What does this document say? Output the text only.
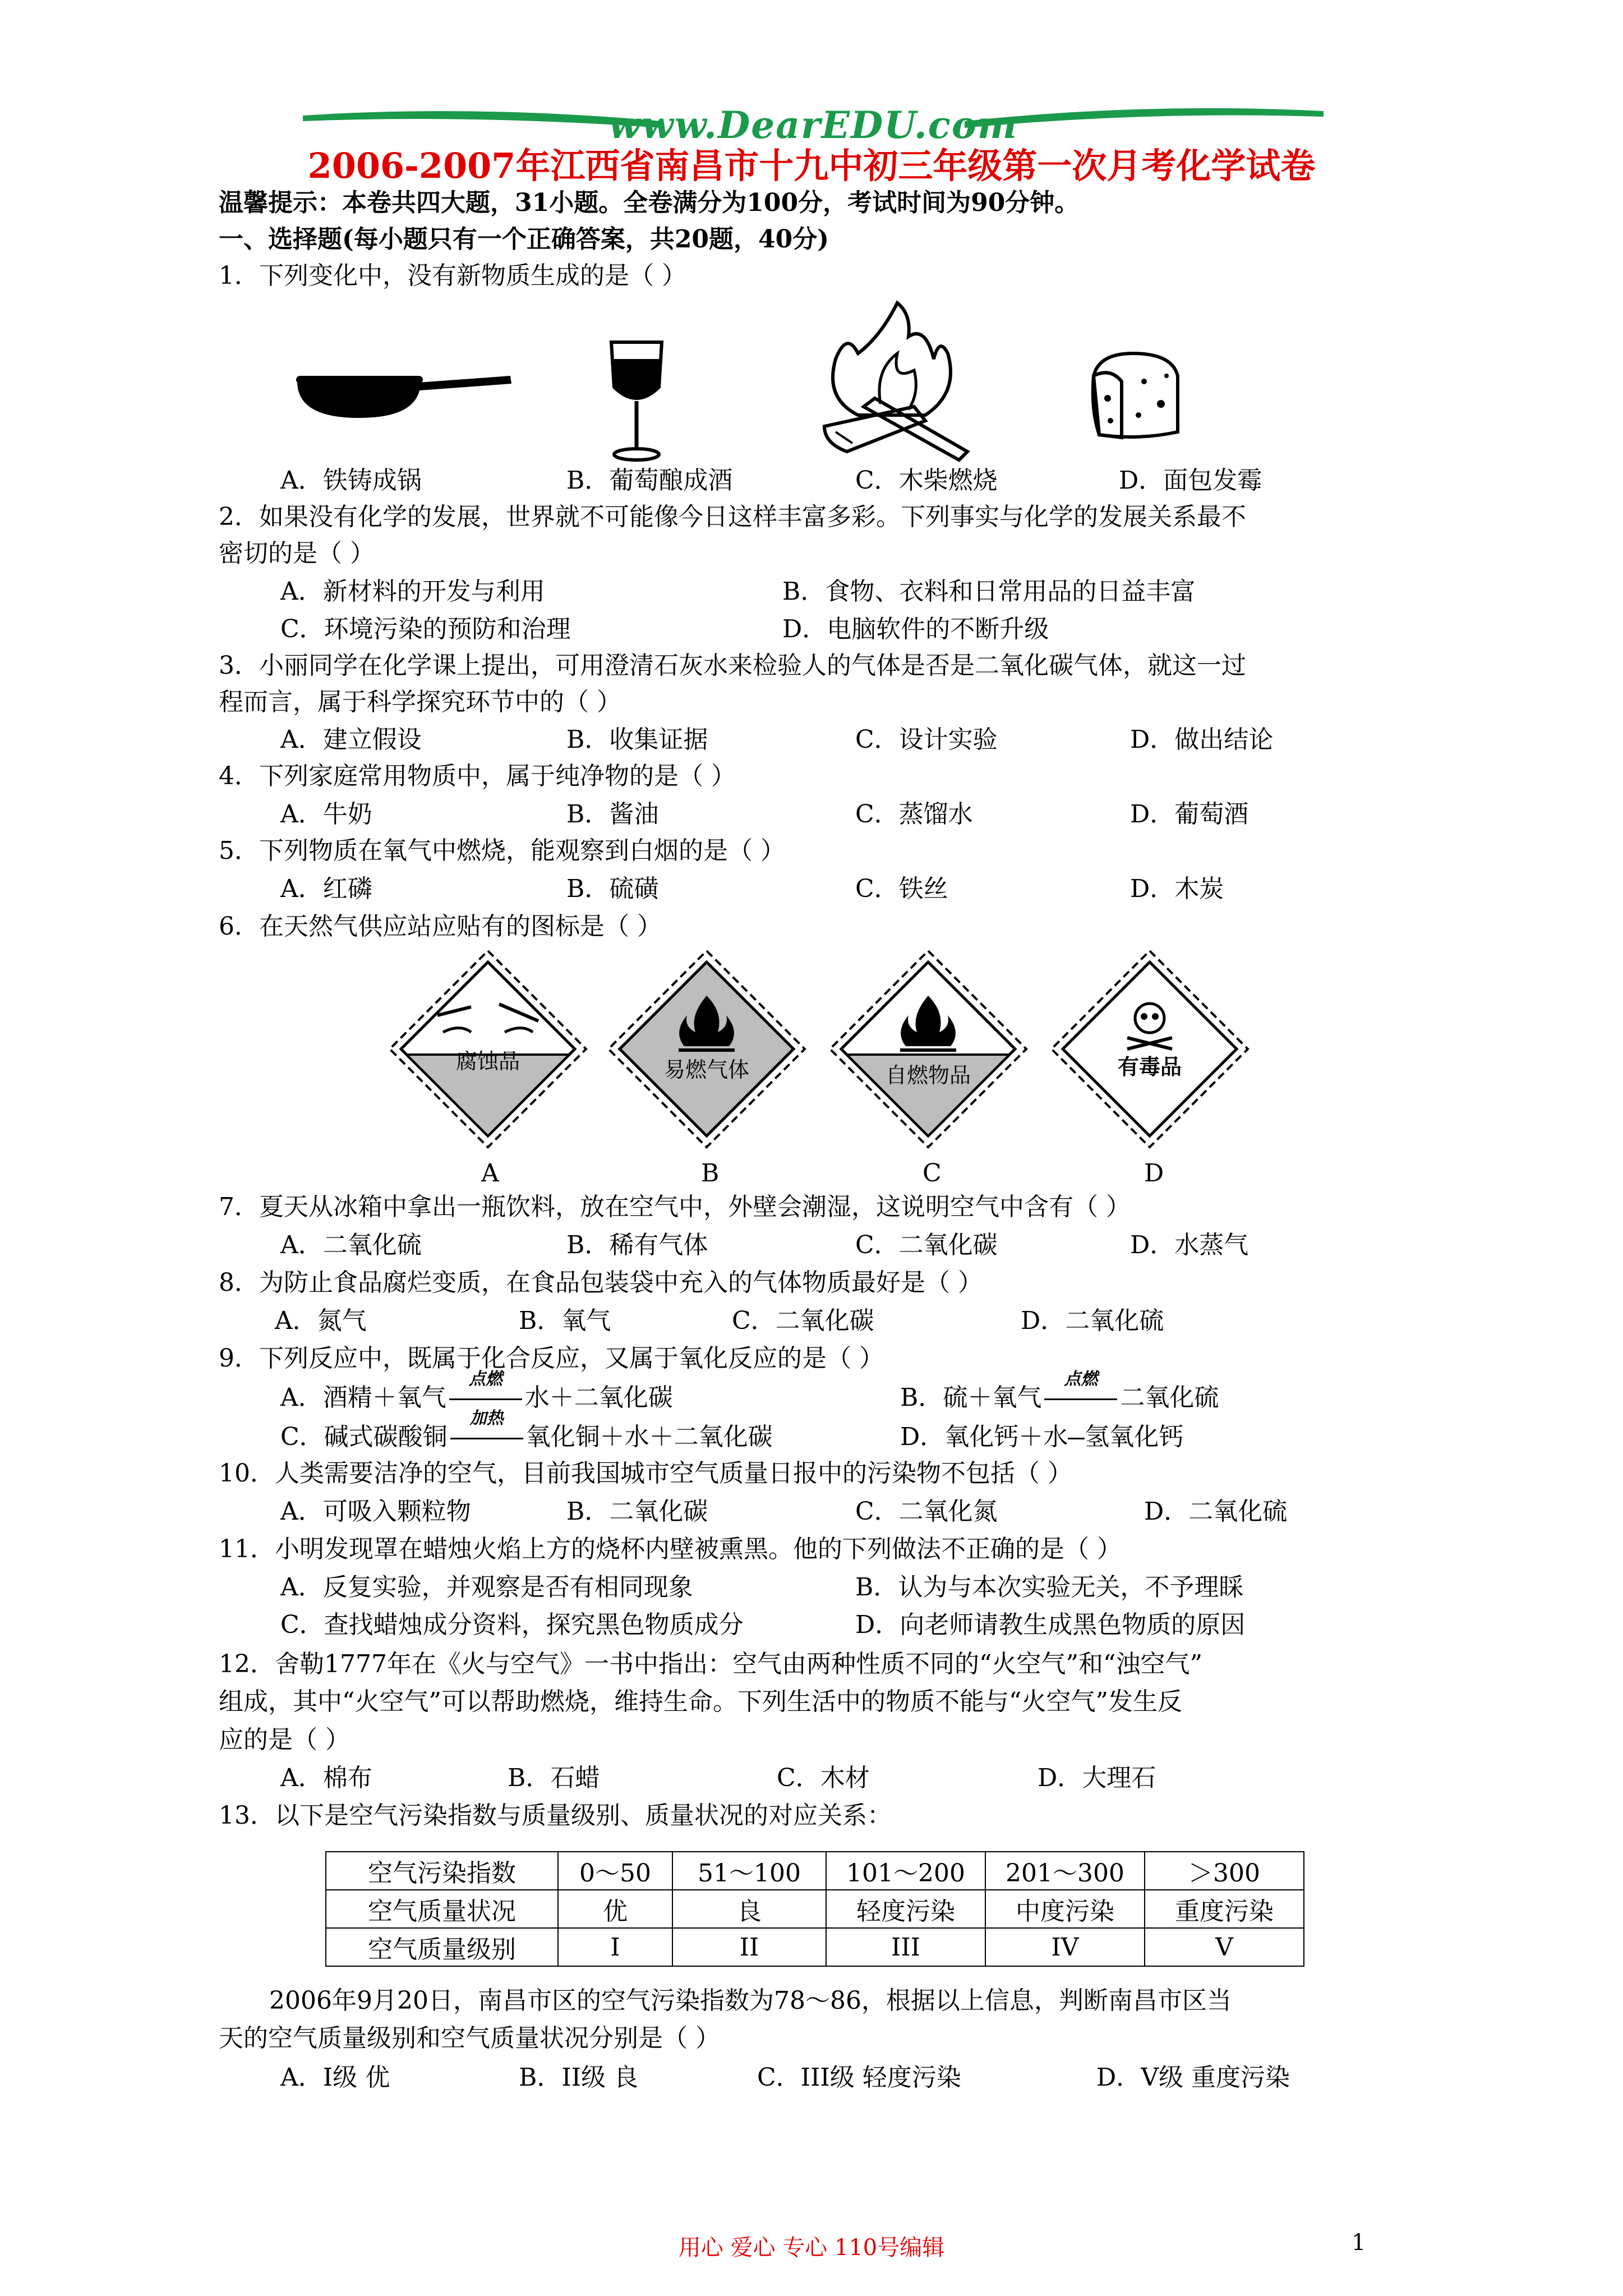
www.DearEDU.com
2006-2007年江西省南昌市十九中初三年级第一次月考化学试卷
温馨提示：本卷共四大题，31小题。全卷满分为100分，考试时间为90分钟。
一、选择题(每小题只有一个正确答案，共20题，40分)
1．下列变化中，没有新物质生成的是（ ）
A．铁铸成锅	B．葡萄酿成酒	C．木柴燃烧	D．面包发霉
2．如果没有化学的发展，世界就不可能像今日这样丰富多彩。下列事实与化学的发展关系最不
密切的是（ ）
A．新材料的开发与利用	B．食物、衣料和日常用品的日益丰富
C．环境污染的预防和治理	D．电脑软件的不断升级
3．小丽同学在化学课上提出，可用澄清石灰水来检验人的气体是否是二氧化碳气体，就这一过
程而言，属于科学探究环节中的（ ）
A．建立假设	B．收集证据	C．设计实验	D．做出结论
4．下列家庭常用物质中，属于纯净物的是（ ）
A．牛奶	B．酱油	C．蒸馏水	D．葡萄酒
5．下列物质在氧气中燃烧，能观察到白烟的是（ ）
A．红磷	B．硫磺	C．铁丝	D．木炭
6．在天然气供应站应贴有的图标是（ ）
腐蚀品	易燃气体	自燃物品	有毒品
A	B	C	D
7．夏天从冰箱中拿出一瓶饮料，放在空气中，外壁会潮湿，这说明空气中含有（ ）
A．二氧化硫	B．稀有气体	C．二氧化碳	D．水蒸气
8．为防止食品腐烂变质，在食品包装袋中充入的气体物质最好是（ ）
A．氮气	B．氧气	C．二氧化碳	D．二氧化硫
9．下列反应中，既属于化合反应，又属于氧化反应的是（ ）
A．酒精＋氧气
点燃
水＋二氧化碳	B．硫＋氧气
点燃
二氧化硫
C．碱式碳酸铜
加热
氧化铜＋水＋二氧化碳	D．氧化钙＋水 氢氧化钙
10．人类需要洁净的空气，目前我国城市空气质量日报中的污染物不包括（ ）
A．可吸入颗粒物	B．二氧化碳	C．二氧化氮	D．二氧化硫
11．小明发现罩在蜡烛火焰上方的烧杯内壁被熏黑。他的下列做法不正确的是（ ）
A．反复实验，并观察是否有相同现象	B．认为与本次实验无关，不予理睬
C．查找蜡烛成分资料，探究黑色物质成分	D．向老师请教生成黑色物质的原因
12．舍勒1777年在《火与空气》一书中指出：空气由两种性质不同的“火空气”和“浊空气”
组成，其中“火空气”可以帮助燃烧，维持生命。下列生活中的物质不能与“火空气”发生反
应的是（ ）
A．棉布	B．石蜡	C．木材	D．大理石
13．以下是空气污染指数与质量级别、质量状况的对应关系：
空气污染指数	0～50	51～100	101～200	201～300	＞300
空气质量状况	优	良	轻度污染	中度污染	重度污染
空气质量级别	I	II	III	IV	V
2006年9月20日，南昌市区的空气污染指数为78～86，根据以上信息，判断南昌市区当
天的空气质量级别和空气质量状况分别是（ ）
A．I级 优	B．II级 良	C．III级 轻度污染	D．V级 重度污染
用心 爱心 专心 110号编辑	1
